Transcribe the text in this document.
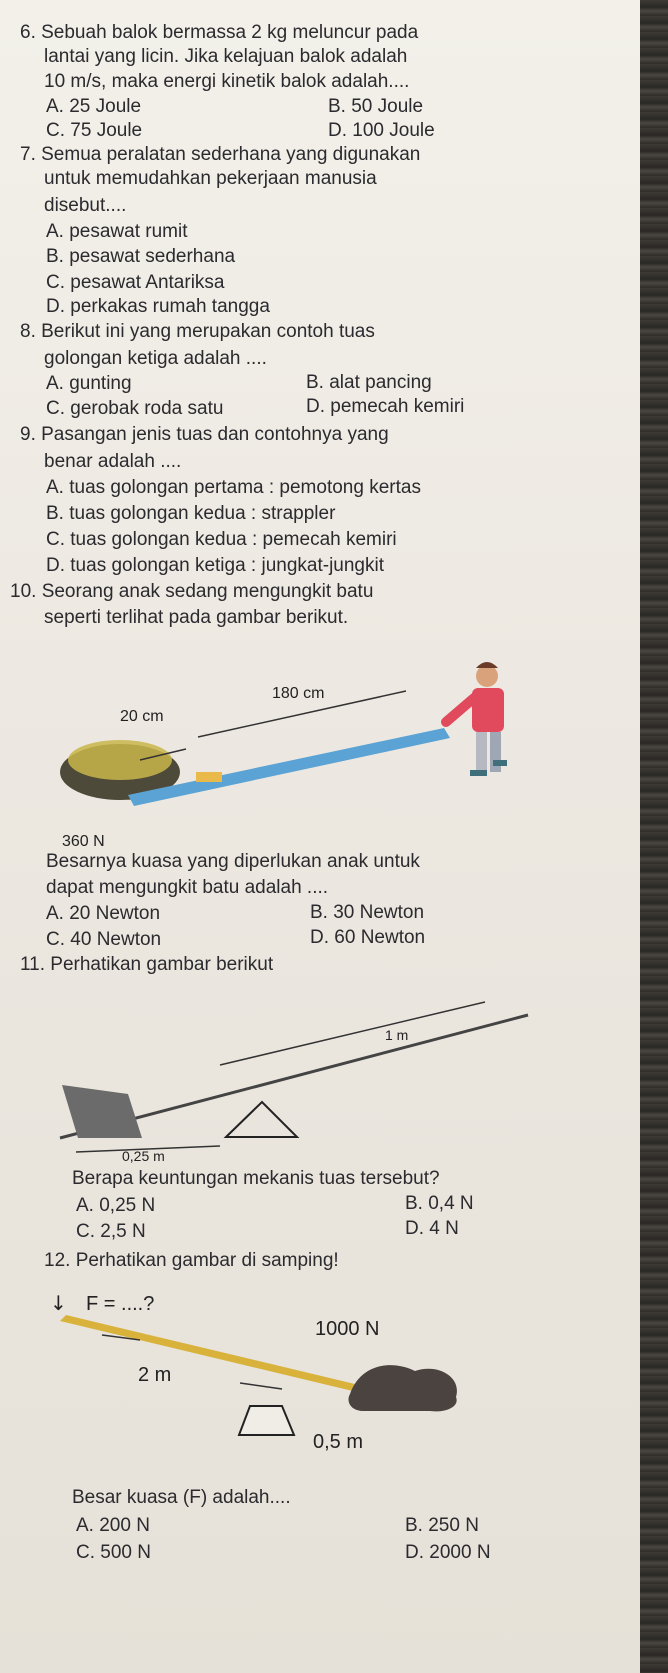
6. Sebuah balok bermassa 2 kg meluncur pada
lantai yang licin. Jika kelajuan balok adalah
10 m/s, maka energi kinetik balok adalah....
A. 25 Joule	B. 50 Joule
C. 75 Joule	D. 100 Joule
7. Semua peralatan sederhana yang digunakan
untuk memudahkan pekerjaan manusia
disebut....
A. pesawat rumit
B. pesawat sederhana
C. pesawat Antariksa
D. perkakas rumah tangga
8. Berikut ini yang merupakan contoh tuas
golongan ketiga adalah ....
A. gunting	B. alat pancing
C. gerobak roda satu	D. pemecah kemiri
9. Pasangan jenis tuas dan contohnya yang
benar adalah ....
A. tuas golongan pertama : pemotong kertas
B. tuas golongan kedua : strappler
C. tuas golongan kedua : pemecah kemiri
D. tuas golongan ketiga : jungkat-jungkit
10. Seorang anak sedang mengungkit batu
seperti terlihat pada gambar berikut.
180 cm
20 cm
360 N
Besarnya kuasa yang diperlukan anak untuk
dapat mengungkit batu adalah ....
A. 20 Newton	B. 30 Newton
C. 40 Newton	D. 60 Newton
11. Perhatikan gambar berikut
1 m
0,25 m
Berapa keuntungan mekanis tuas tersebut?
A. 0,25 N	B. 0,4 N
C. 2,5 N	D. 4 N
12. Perhatikan gambar di samping!
↓ F = ....?
1000 N
2 m
0,5 m
Besar kuasa (F) adalah....
A. 200 N	B. 250 N
C. 500 N	D. 2000 N
